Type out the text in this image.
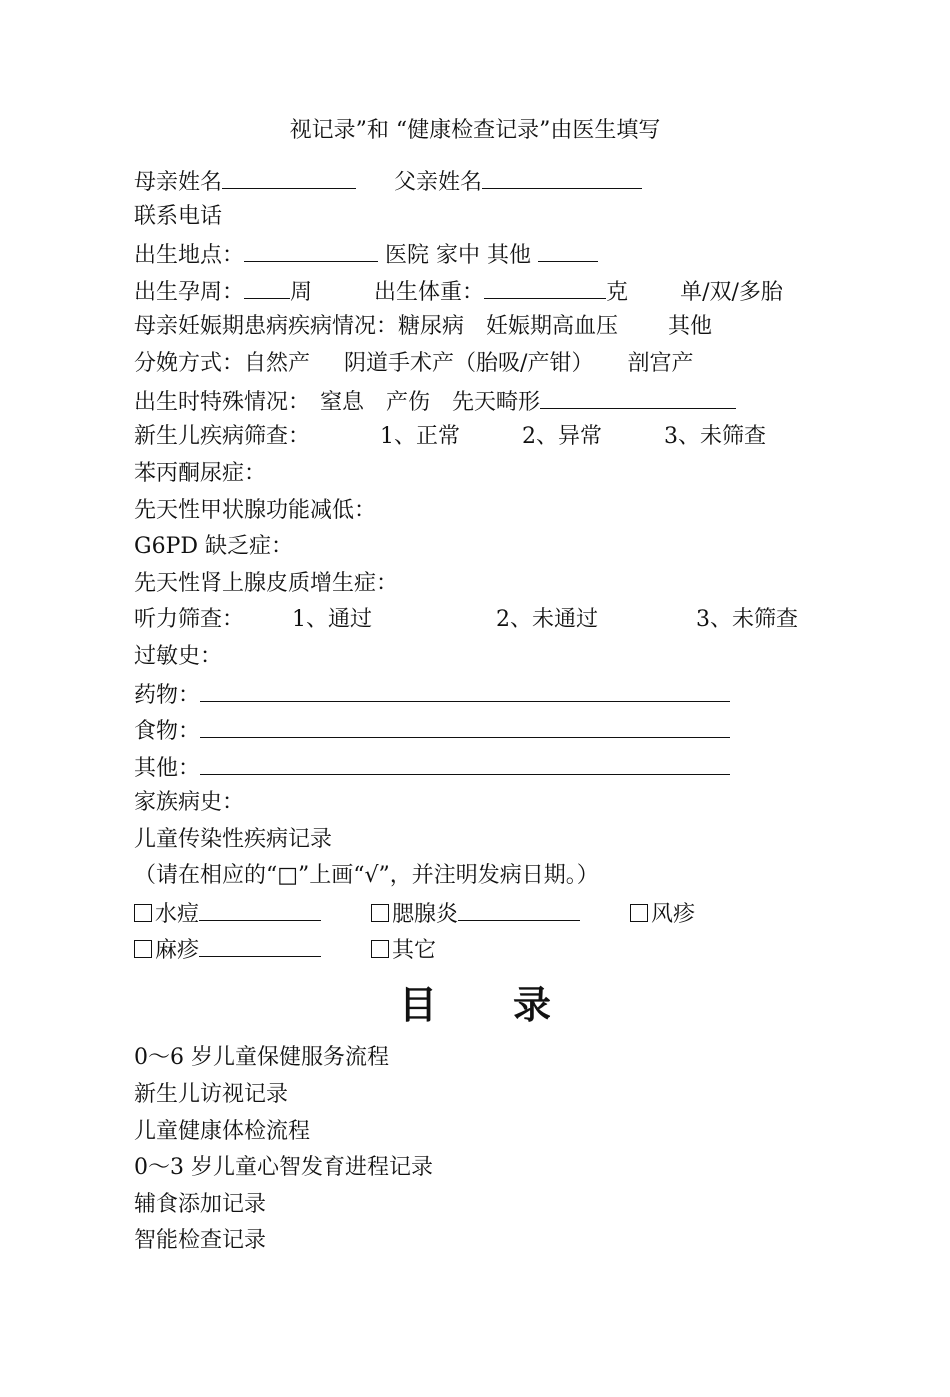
视记录”和 “健康检查记录”由医生填写
母亲姓名	父亲姓名
联系电话
出生地点：	医院 家中 其他
出生孕周： 周	出生体重：	克 单/双/多胎
母亲妊娠期患病疾病情况：糖尿病 妊娠期高血压 其他
分娩方式：自然产 阴道手术产（胎吸/产钳） 剖宫产
出生时特殊情况： 窒息 产伤 先天畸形
新生儿疾病筛查：	1、正常	2、异常	3、未筛查
苯丙酮尿症：
先天性甲状腺功能减低：
G6PD 缺乏症：
先天性肾上腺皮质增生症：
听力筛查： 1、通过	2、未通过	3、未筛查
过敏史：
药物：
食物：
其他：
家族病史：
儿童传染性疾病记录
（请在相应的“□”上画“√”，并注明发病日期。）
水痘	腮腺炎	风疹
麻疹	其它
目 录
0～6 岁儿童保健服务流程
新生儿访视记录
儿童健康体检流程
0～3 岁儿童心智发育进程记录
辅食添加记录
智能检查记录
